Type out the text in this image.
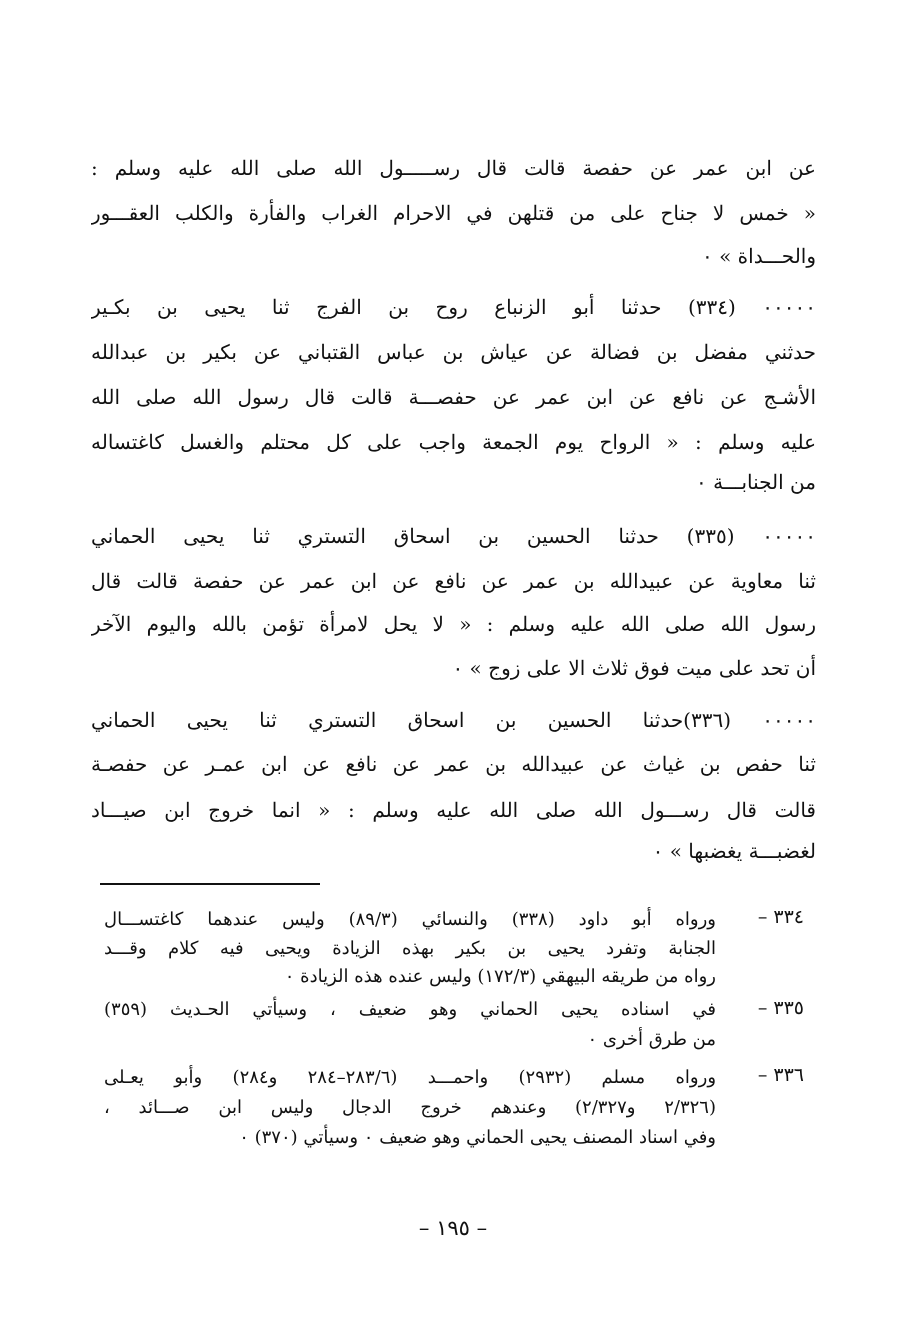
عن ابن عمر عن حفصة قالت قال رســـــول الله صلى الله عليه وسلم :
« خمس لا جناح على من قتلهن في الاحرام الغراب والفأرة والكلب العقـــور
والحـــداة » ٠
٠٠٠٠٠ (٣٣٤) حدثنا أبو الزنباع روح بن الفرج ثنا يحيى بن بكـير
حدثني مفضل بن فضالة عن عياش بن عباس القتباني عن بكير بن عبدالله
الأشـج عن نافع عن ابن عمر عن حفصـــة قالت قال رسول الله صلى الله
عليه وسلم : « الرواح يوم الجمعة واجب على كل محتلم والغسل كاغتساله
من الجنابـــة ٠
٠٠٠٠٠ (٣٣٥) حدثنا الحسين بن اسحاق التستري ثنا يحيى الحماني
ثنا معاوية عن عبيدالله بن عمر عن نافع عن ابن عمر عن حفصة قالت قال
رسول الله صلى الله عليه وسلم : « لا يحل لامرأة تؤمن بالله واليوم الآخر
أن تحد على ميت فوق ثلاث الا على زوج » ٠
٠٠٠٠٠ (٣٣٦)حدثنا الحسين بن اسحاق التستري ثنا يحيى الحماني
ثنا حفص بن غياث عن عبيدالله بن عمر عن نافع عن ابن عمـر عن حفصـة
قالت قال رســـول الله صلى الله عليه وسلم : « انما خروج ابن صيـــاد
لغضبـــة يغضبها » ٠
٣٣٤ –
ورواه أبو داود (٣٣٨) والنسائي (٨٩/٣) وليس عندهما كاغتســـال
الجنابة وتفرد يحيى بن بكير بهذه الزيادة ويحيى فيه كلام وقـــد
رواه من طريقه البيهقي (١٧٢/٣) وليس عنده هذه الزيادة ٠
٣٣٥ –
في اسناده يحيى الحماني وهو ضعيف ، وسيأتي الحـديث (٣٥٩)
من طرق أخرى ٠
٣٣٦ –
ورواه مسلم (٢٩٣٢) واحمـــد (٢٨٣/٦–٢٨٤ و٢٨٤) وأبو يعـلى
(٢/٣٢٦ و٢/٣٢٧) وعندهم خروج الدجال وليس ابن صـــائد ،
وفي اسناد المصنف يحيى الحماني وهو ضعيف ٠ وسيأتي (٣٧٠) ٠
– ١٩٥ –
